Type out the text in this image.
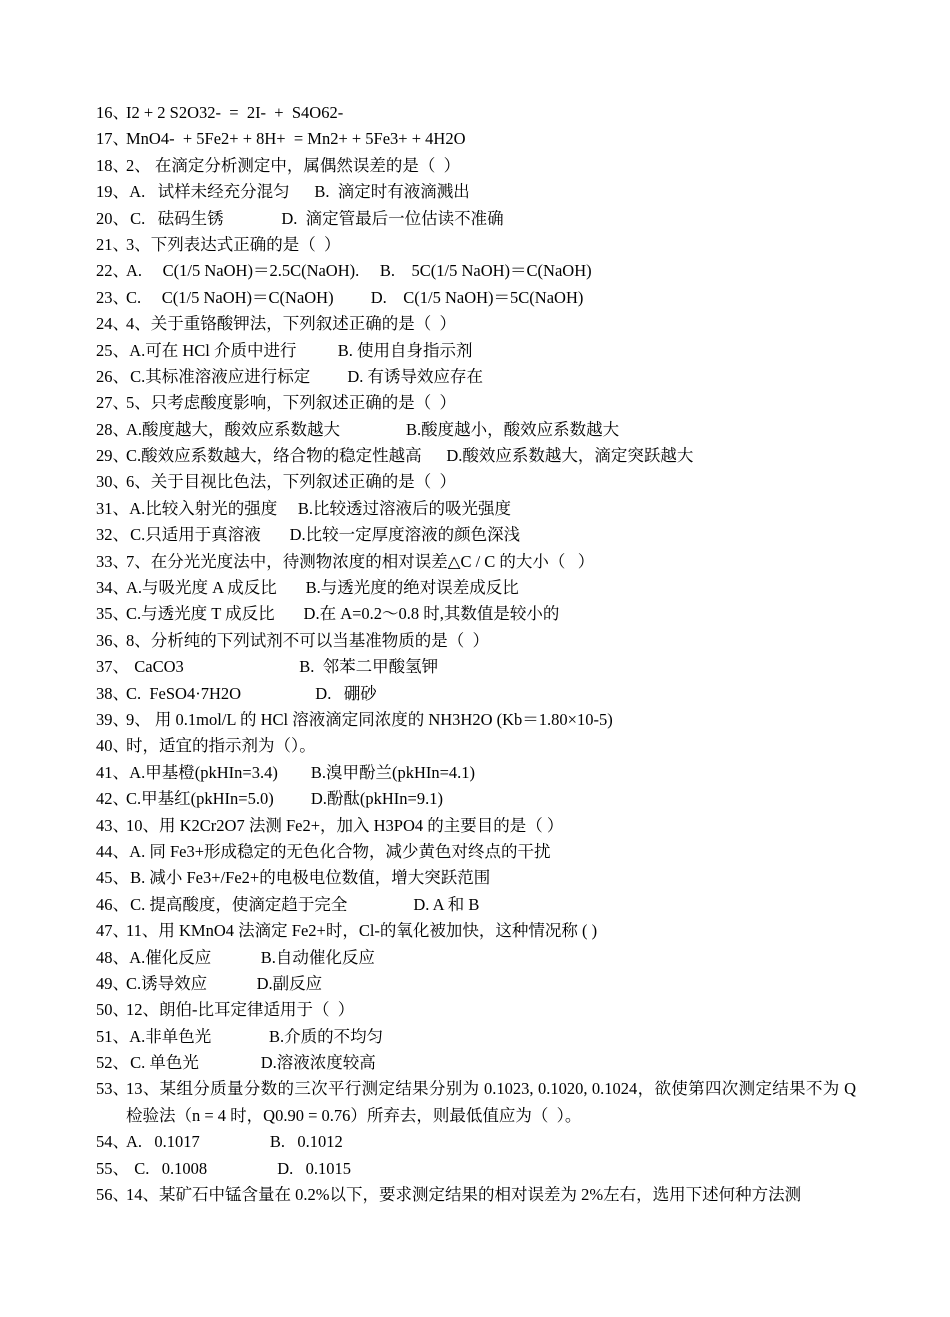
16、
I2 + 2 S2O32-  =  2I-  +  S4O62-
17、
MnO4-  + 5Fe2+ + 8H+  = Mn2+ + 5Fe3+ + 4H2O
18、
2、 在滴定分析测定中，属偶然误差的是（  ）
19、
A.   试样未经充分混匀      B.  滴定时有液滴溅出
20、
C.   砝码生锈              D.  滴定管最后一位估读不准确
21、
3、下列表达式正确的是（  ）
22、
A.     C(1/5 NaOH)＝2.5C(NaOH).     B.    5C(1/5 NaOH)＝C(NaOH)
23、
C.     C(1/5 NaOH)＝C(NaOH)         D.    C(1/5 NaOH)＝5C(NaOH)
24、
4、关于重铬酸钾法，下列叙述正确的是（  ）
25、
A.可在 HCl 介质中进行          B. 使用自身指示剂
26、
C.其标准溶液应进行标定         D. 有诱导效应存在
27、
5、只考虑酸度影响，下列叙述正确的是（  ）
28、
A.酸度越大，酸效应系数越大                B.酸度越小，酸效应系数越大
29、
C.酸效应系数越大，络合物的稳定性越高      D.酸效应系数越大，滴定突跃越大
30、
6、关于目视比色法，下列叙述正确的是（  ）
31、
A.比较入射光的强度     B.比较透过溶液后的吸光强度
32、
C.只适用于真溶液       D.比较一定厚度溶液的颜色深浅
33、
7、在分光光度法中，待测物浓度的相对误差△C / C 的大小（   ）
34、
A.与吸光度 A 成反比       B.与透光度的绝对误差成反比
35、
C.与透光度 T 成反比       D.在 A=0.2～0.8 时,其数值是较小的
36、
8、分析纯的下列试剂不可以当基准物质的是（  ）
37、
CaCO3                            B.  邻苯二甲酸氢钾
38、
C.  FeSO4·7H2O                  D.   硼砂
39、
9、 用 0.1mol/L 的 HCl 溶液滴定同浓度的 NH3H2O (Kb＝1.80×10-5)
40、
时，适宜的指示剂为（）。
41、
A.甲基橙(pkHIn=3.4)        B.溴甲酚兰(pkHIn=4.1)
42、
C.甲基红(pkHIn=5.0)         D.酚酞(pkHIn=9.1)
43、
10、用 K2Cr2O7 法测 Fe2+，加入 H3PO4 的主要目的是（ ）
44、
A. 同 Fe3+形成稳定的无色化合物，减少黄色对终点的干扰
45、
B. 减小 Fe3+/Fe2+的电极电位数值，增大突跃范围
46、
C. 提高酸度，使滴定趋于完全                D. A 和 B
47、
11、用 KMnO4 法滴定 Fe2+时，Cl-的氧化被加快，这种情况称 ( )
48、
A.催化反应            B.自动催化反应
49、
C.诱导效应            D.副反应
50、
12、朗伯-比耳定律适用于（  ）
51、
A.非单色光              B.介质的不均匀
52、
C. 单色光               D.溶液浓度较高
53、
13、某组分质量分数的三次平行测定结果分别为 0.1023, 0.1020, 0.1024，欲使第四次测定结果不为 Q 检验法（n = 4 时，Q0.90 = 0.76）所弃去，则最低值应为（  ）。
54、
A.   0.1017                 B.   0.1012
55、
C.   0.1008                 D.   0.1015
56、
14、某矿石中锰含量在 0.2%以下，要求测定结果的相对误差为 2%左右，选用下述何种方法测
